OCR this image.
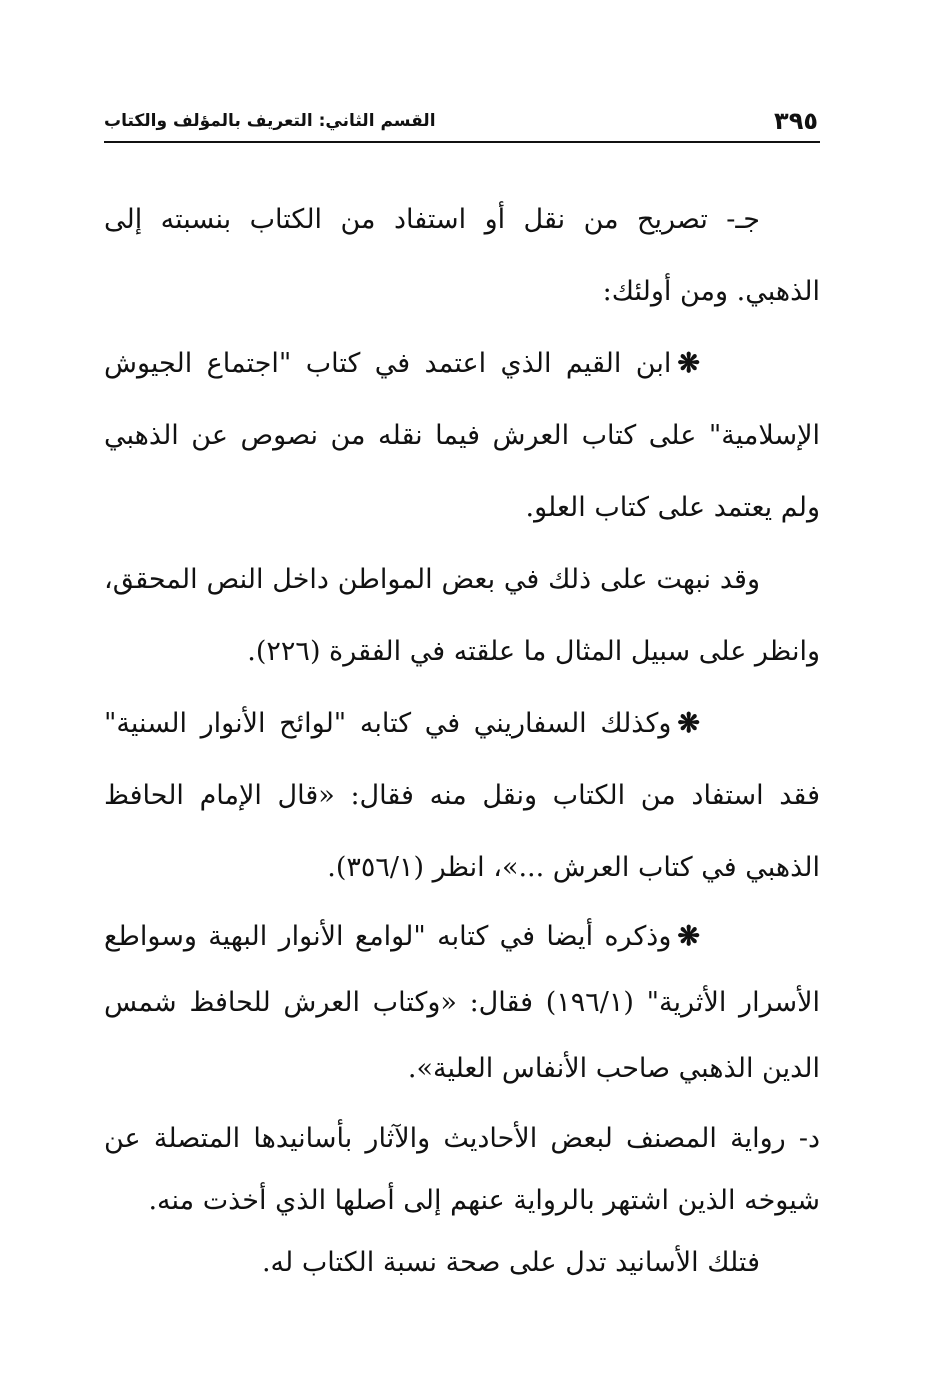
٣٩٥
القسم الثاني: التعريف بالمؤلف والكتاب

جـ- تصريح من نقل أو استفاد من الكتاب بنسبته إلى الذهبي. ومن أولئك:

❋ابن القيم الذي اعتمد في كتاب "اجتماع الجيوش الإسلامية" على كتاب العرش فيما نقله من نصوص عن الذهبي ولم يعتمد على كتاب العلو.

وقد نبهت على ذلك في بعض المواطن داخل النص المحقق، وانظر على سبيل المثال ما علقته في الفقرة (٢٢٦).

❋وكذلك السفاريني في كتابه "لوائح الأنوار السنية" فقد استفاد من الكتاب ونقل منه فقال: «قال الإمام الحافظ الذهبي في كتاب العرش ...»، انظر (٣٥٦/١).

❋وذكره أيضا في كتابه "لوامع الأنوار البهية وسواطع الأسرار الأثرية" (١٩٦/١) فقال: «وكتاب العرش للحافظ شمس الدين الذهبي صاحب الأنفاس العلية».

د- رواية المصنف لبعض الأحاديث والآثار بأسانيدها المتصلة عن شيوخه الذين اشتهر بالرواية عنهم إلى أصلها الذي أخذت منه.

فتلك الأسانيد تدل على صحة نسبة الكتاب له.
